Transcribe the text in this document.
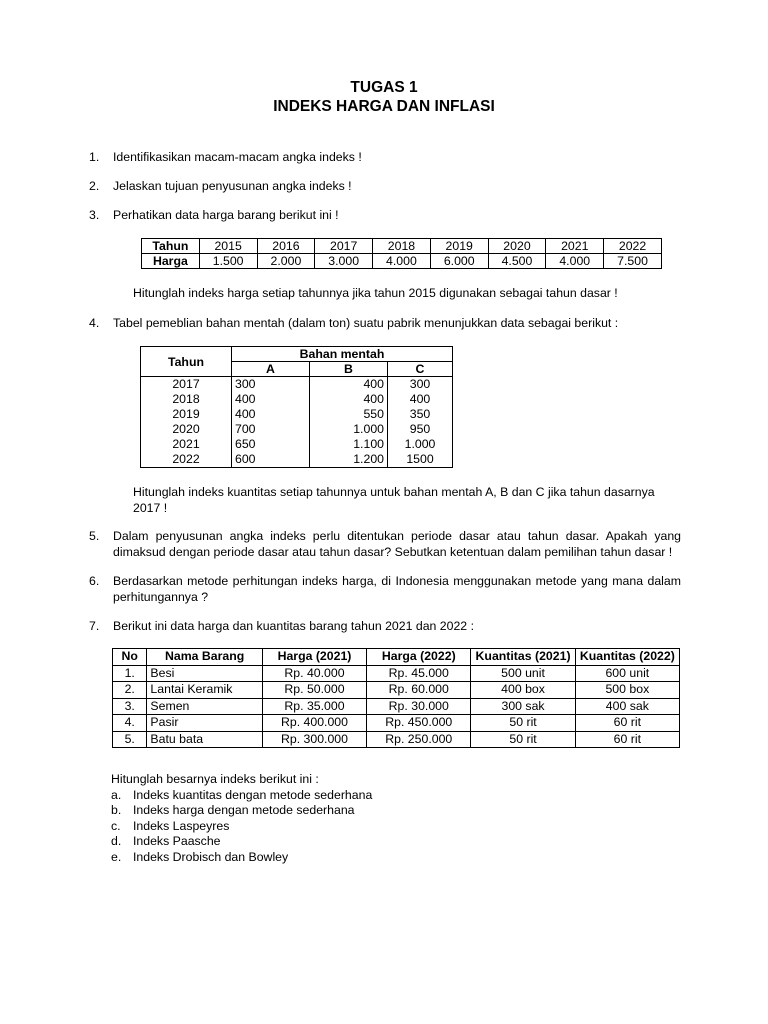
TUGAS 1
INDEKS HARGA DAN INFLASI
1. Identifikasikan macam-macam angka indeks !
2. Jelaskan tujuan penyusunan angka indeks !
3. Perhatikan data harga barang berikut ini !
Tahun	2015	2016	2017	2018	2019	2020	2021	2022
Harga	1.500	2.000	3.000	4.000	6.000	4.500	4.000	7.500
Hitunglah indeks harga setiap tahunnya jika tahun 2015 digunakan sebagai tahun dasar !
4. Tabel pemeblian bahan mentah (dalam ton) suatu pabrik menunjukkan data sebagai berikut :
Tahun	Bahan mentah		
	A	B	C
2017	300	400	300
2018	400	400	400
2019	400	550	350
2020	700	1.000	950
2021	650	1.100	1.000
2022	600	1.200	1500
Hitunglah indeks kuantitas setiap tahunnya untuk bahan mentah A, B dan C jika tahun dasarnya 2017 !
5. Dalam penyusunan angka indeks perlu ditentukan periode dasar atau tahun dasar. Apakah yang dimaksud dengan periode dasar atau tahun dasar? Sebutkan ketentuan dalam pemilihan tahun dasar !
6. Berdasarkan metode perhitungan indeks harga, di Indonesia menggunakan metode yang mana dalam perhitungannya ?
7. Berikut ini data harga dan kuantitas barang tahun 2021 dan 2022 :
No	Nama Barang	Harga (2021)	Harga (2022)	Kuantitas (2021)	Kuantitas (2022)
1.	Besi	Rp. 40.000	Rp. 45.000	500 unit	600 unit
2.	Lantai Keramik	Rp. 50.000	Rp. 60.000	400 box	500 box
3.	Semen	Rp. 35.000	Rp. 30.000	300 sak	400 sak
4.	Pasir	Rp. 400.000	Rp. 450.000	50 rit	60 rit
5.	Batu bata	Rp. 300.000	Rp. 250.000	50 rit	60 rit
Hitunglah besarnya indeks berikut ini :
a. Indeks kuantitas dengan metode sederhana
b. Indeks harga dengan metode sederhana
c. Indeks Laspeyres
d. Indeks Paasche
e. Indeks Drobisch dan Bowley
